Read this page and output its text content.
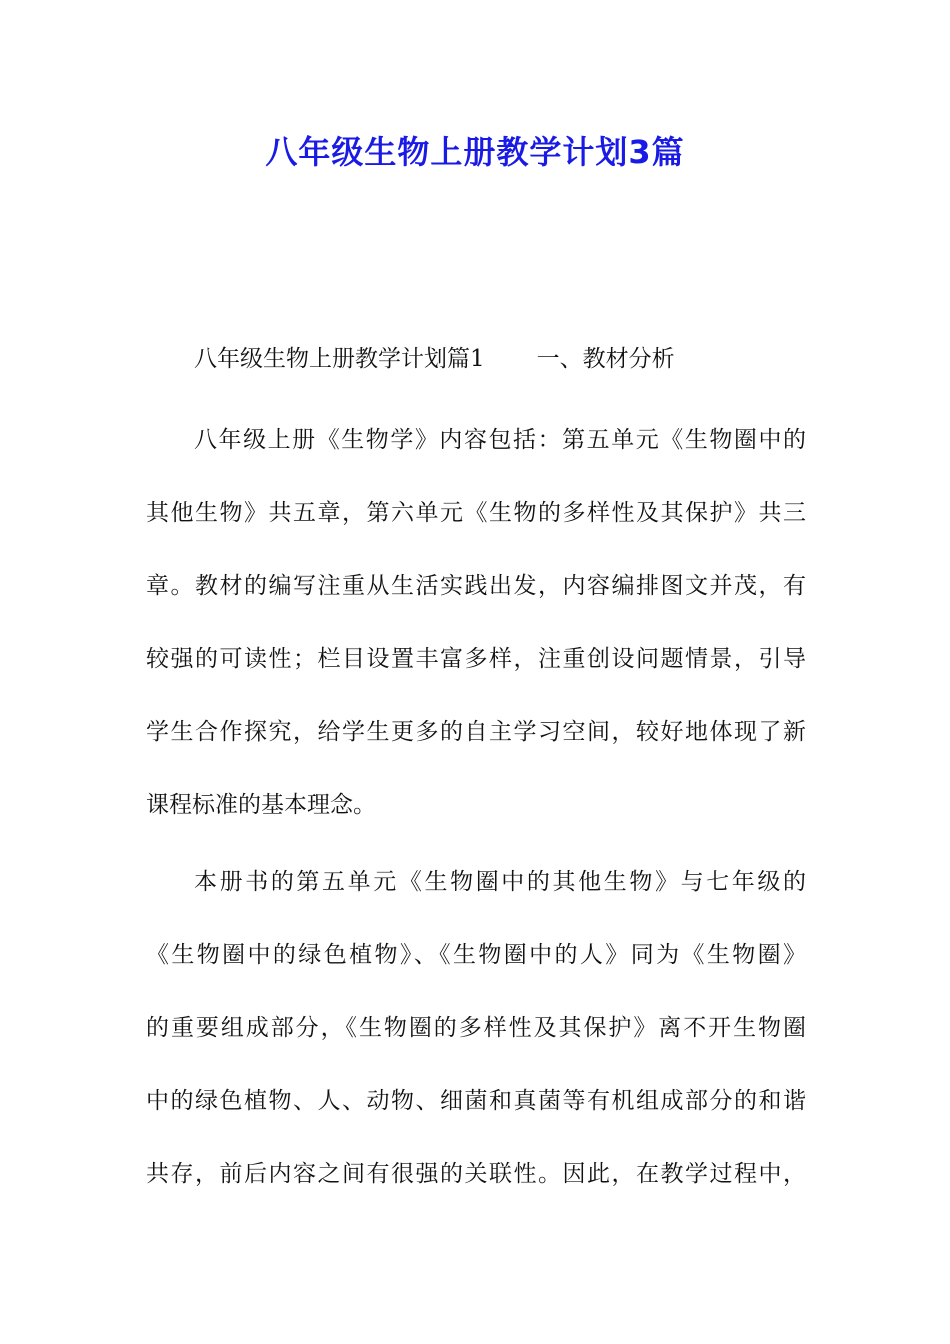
八年级生物上册教学计划3篇
八年级生物上册教学计划篇1 一、教材分析
八年级上册《生物学》内容包括：第五单元《生物圈中的
其他生物》共五章，第六单元《生物的多样性及其保护》共三
章。教材的编写注重从生活实践出发，内容编排图文并茂，有
较强的可读性；栏目设置丰富多样，注重创设问题情景，引导
学生合作探究，给学生更多的自主学习空间，较好地体现了新
课程标准的基本理念。
本册书的第五单元《生物圈中的其他生物》与七年级的
《生物圈中的绿色植物》、《生物圈中的人》同为《生物圈》
的重要组成部分，《生物圈的多样性及其保护》离不开生物圈
中的绿色植物、人、动物、细菌和真菌等有机组成部分的和谐
共存，前后内容之间有很强的关联性。因此，在教学过程中，
